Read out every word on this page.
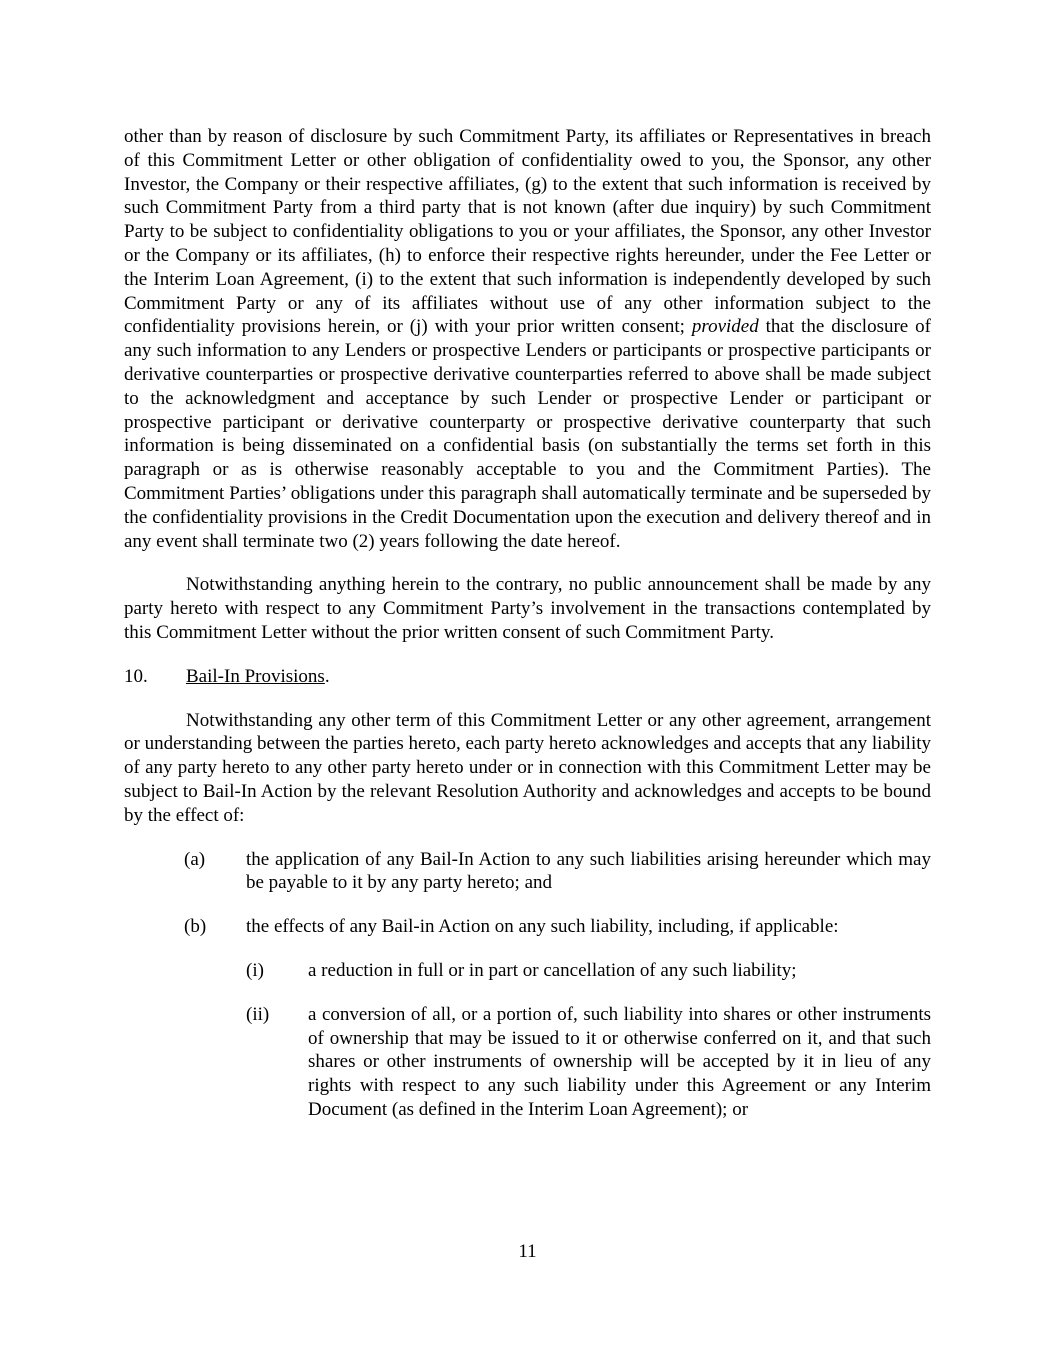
other than by reason of disclosure by such Commitment Party, its affiliates or Representatives in breach of this Commitment Letter or other obligation of confidentiality owed to you, the Sponsor, any other Investor, the Company or their respective affiliates, (g) to the extent that such information is received by such Commitment Party from a third party that is not known (after due inquiry) by such Commitment Party to be subject to confidentiality obligations to you or your affiliates, the Sponsor, any other Investor or the Company or its affiliates, (h) to enforce their respective rights hereunder, under the Fee Letter or the Interim Loan Agreement, (i) to the extent that such information is independently developed by such Commitment Party or any of its affiliates without use of any other information subject to the confidentiality provisions herein, or (j) with your prior written consent; provided that the disclosure of any such information to any Lenders or prospective Lenders or participants or prospective participants or derivative counterparties or prospective derivative counterparties referred to above shall be made subject to the acknowledgment and acceptance by such Lender or prospective Lender or participant or prospective participant or derivative counterparty or prospective derivative counterparty that such information is being disseminated on a confidential basis (on substantially the terms set forth in this paragraph or as is otherwise reasonably acceptable to you and the Commitment Parties). The Commitment Parties’ obligations under this paragraph shall automatically terminate and be superseded by the confidentiality provisions in the Credit Documentation upon the execution and delivery thereof and in any event shall terminate two (2) years following the date hereof.

Notwithstanding anything herein to the contrary, no public announcement shall be made by any party hereto with respect to any Commitment Party’s involvement in the transactions contemplated by this Commitment Letter without the prior written consent of such Commitment Party.

10.	Bail-In Provisions.

Notwithstanding any other term of this Commitment Letter or any other agreement, arrangement or understanding between the parties hereto, each party hereto acknowledges and accepts that any liability of any party hereto to any other party hereto under or in connection with this Commitment Letter may be subject to Bail-In Action by the relevant Resolution Authority and acknowledges and accepts to be bound by the effect of:

(a)	the application of any Bail-In Action to any such liabilities arising hereunder which may be payable to it by any party hereto; and
(b)	the effects of any Bail-in Action on any such liability, including, if applicable:
(i)	a reduction in full or in part or cancellation of any such liability;
(ii)	a conversion of all, or a portion of, such liability into shares or other instruments of ownership that may be issued to it or otherwise conferred on it, and that such shares or other instruments of ownership will be accepted by it in lieu of any rights with respect to any such liability under this Agreement or any Interim Document (as defined in the Interim Loan Agreement); or
11
